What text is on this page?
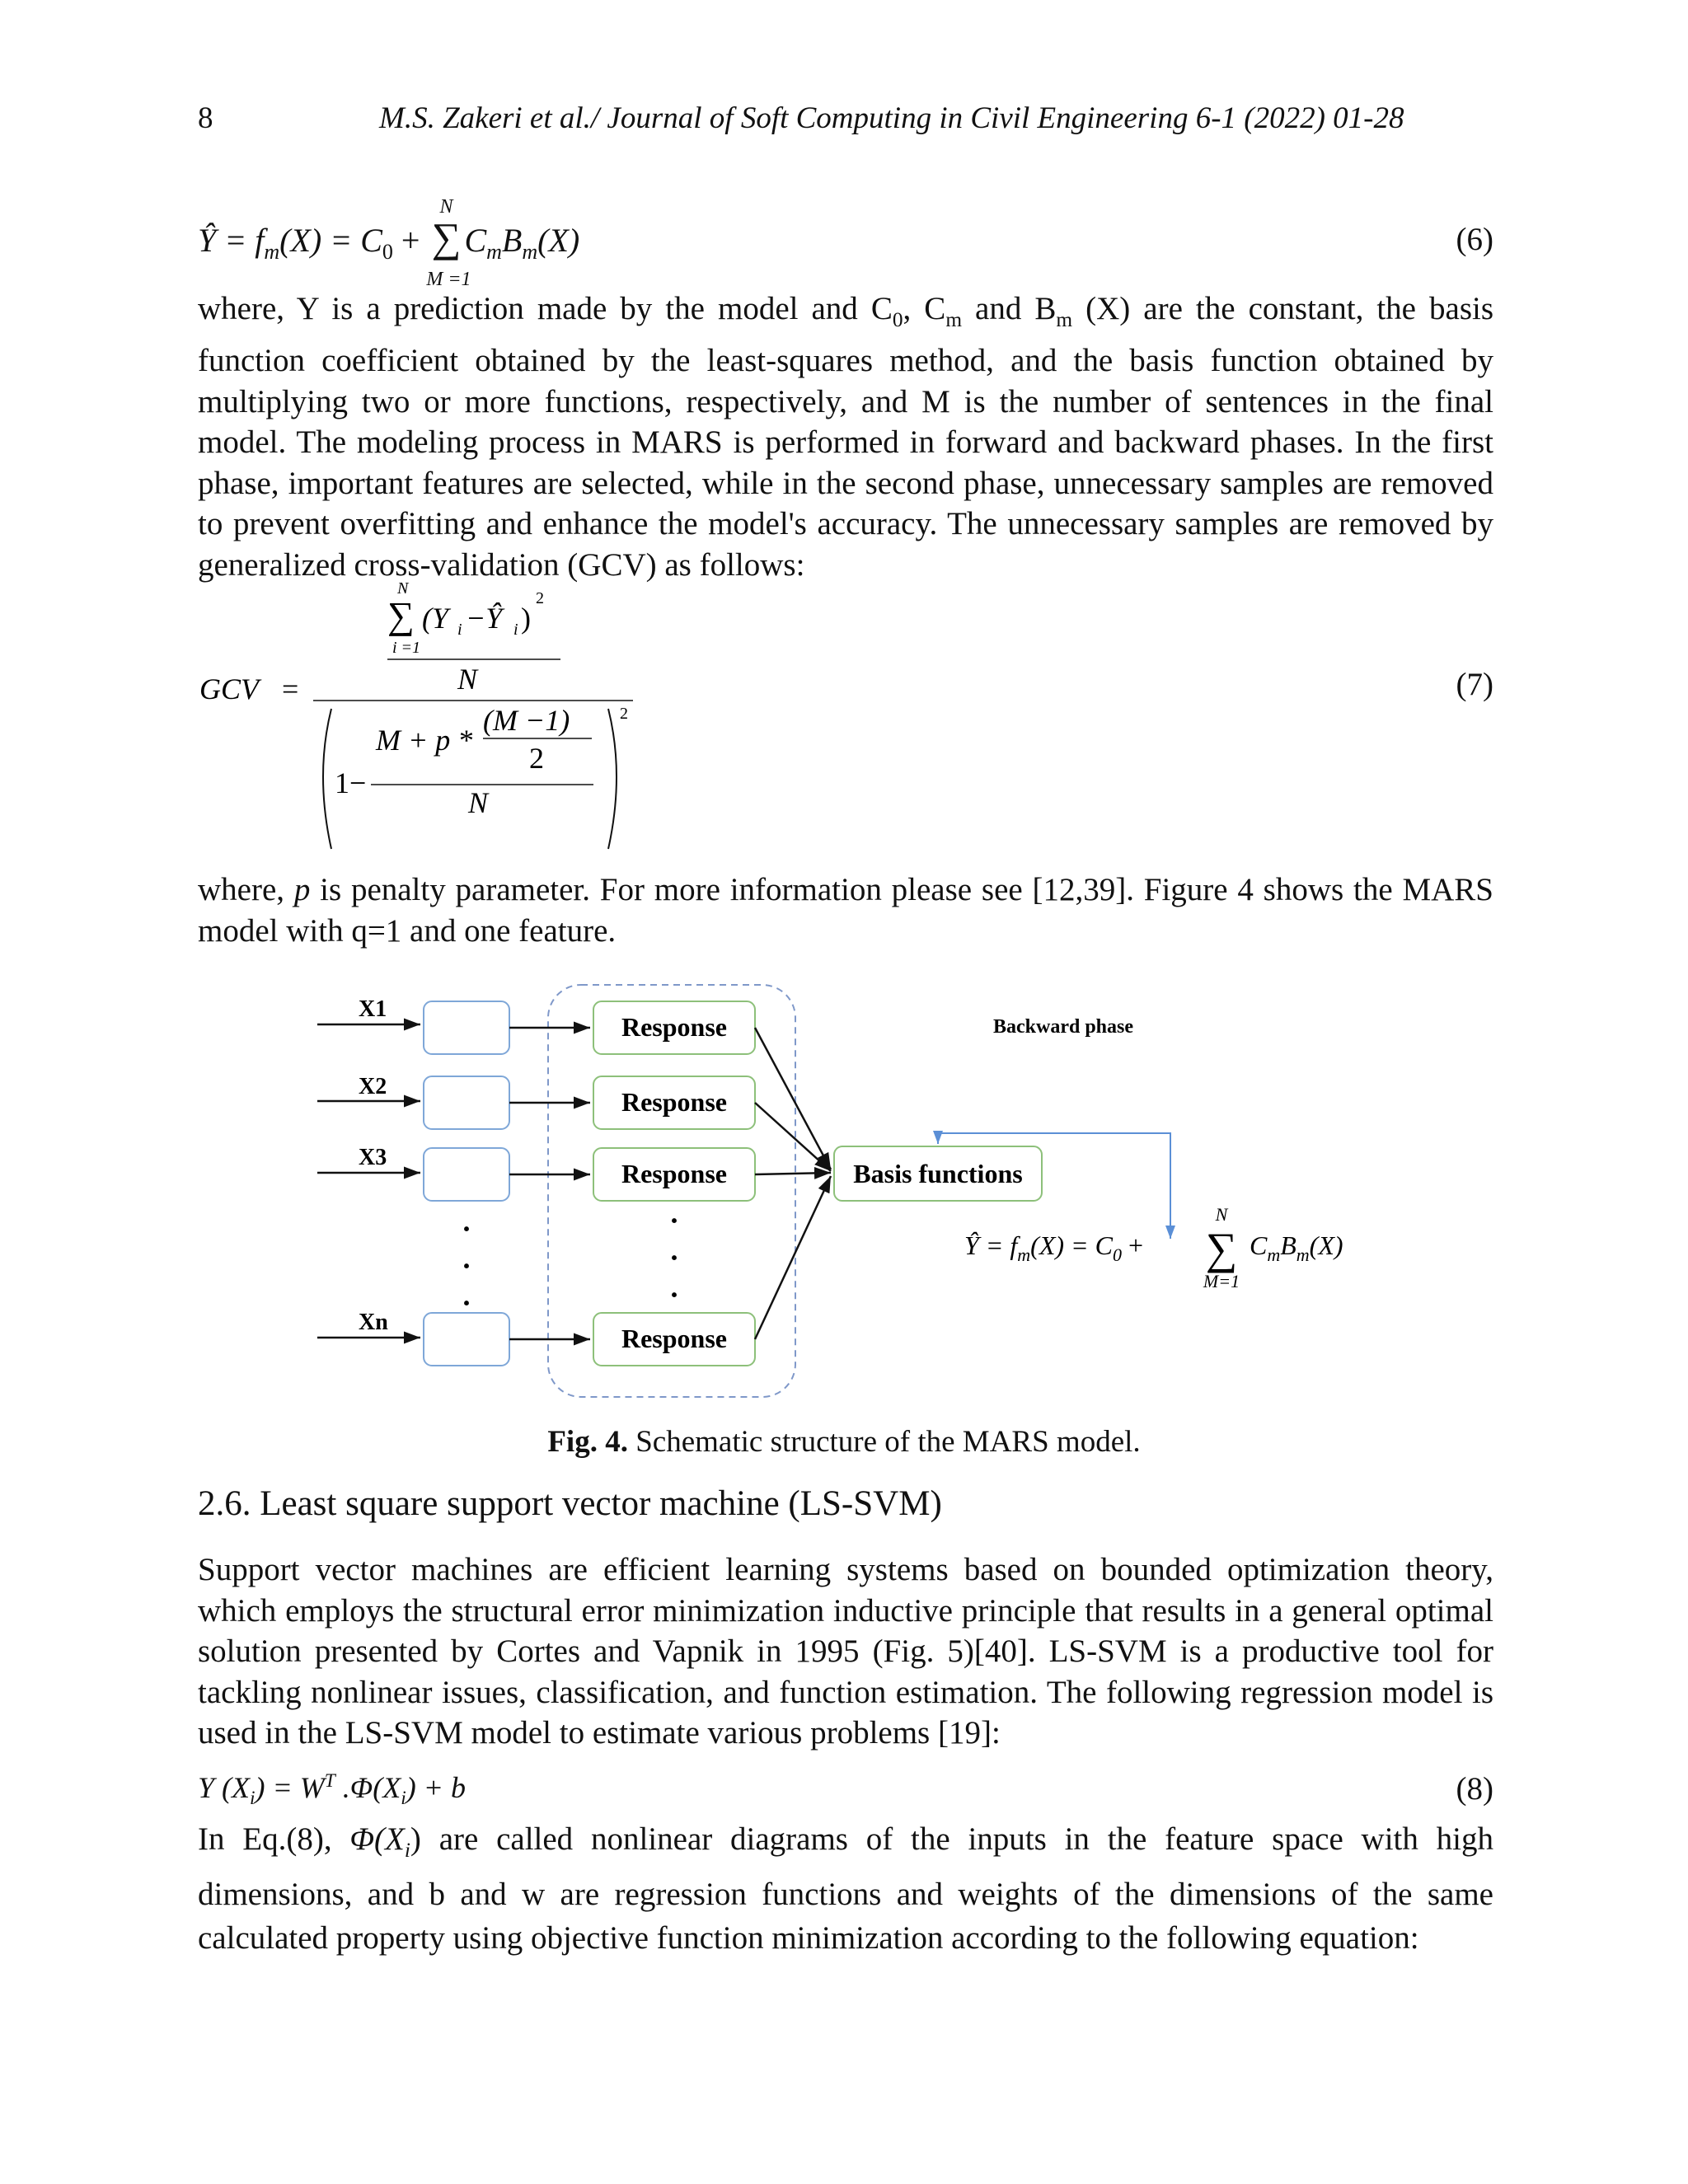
8	M.S. Zakeri et al./ Journal of Soft Computing in Civil Engineering 6-1 (2022) 01-28
Ŷ = $f_m(X) = C_0$ +
N
∑
M =1
$C_mB_m(X)$	(6)

where, Y is a prediction made by the model and $C_0$, $C_m$ and $B_m$ (X) are the constant, the basis function coefficient obtained by the least-squares method, and the basis function obtained by multiplying two or more functions, respectively, and M is the number of sentences in the final model. The modeling process in MARS is performed in forward and backward phases. In the first phase, important features are selected, while in the second phase, unnecessary samples are removed to prevent overfitting and enhance the model's accuracy. The unnecessary samples are removed by generalized cross-validation (GCV) as follows:

GCV =
N
∑
i =1
(Y i −Ŷ i )
2
N
2
1−
M + p *
(M −1)
2
N
(7)

where, p is penalty parameter. For more information please see [12,39]. Figure 4 shows the MARS model with q=1 and one feature.

X1
X2
X3
Xn
·
·
·
Response
Response
Response
Response
·
·
·
Basis functions
Backward phase
Ŷ = $f_m(X) = C_0$ +
N
∑
M=1
$C_mB_m(X)$
Fig. 4. Schematic structure of the MARS model.
2.6. Least square support vector machine (LS-SVM)

Support vector machines are efficient learning systems based on bounded optimization theory, which employs the structural error minimization inductive principle that results in a general optimal solution presented by Cortes and Vapnik in 1995 (Fig. 5)[40]. LS-SVM is a productive tool for tackling nonlinear issues, classification, and function estimation. The following regression model is used in the LS-SVM model to estimate various problems [19]:

Y $(X_i) = W^T$ $.\Phi(X_i) + b$	(8)

In Eq.(8), $\Phi(X_i)$ are called nonlinear diagrams of the inputs in the feature space with high dimensions, and b and w are regression functions and weights of the dimensions of the same calculated property using objective function minimization according to the following equation:
